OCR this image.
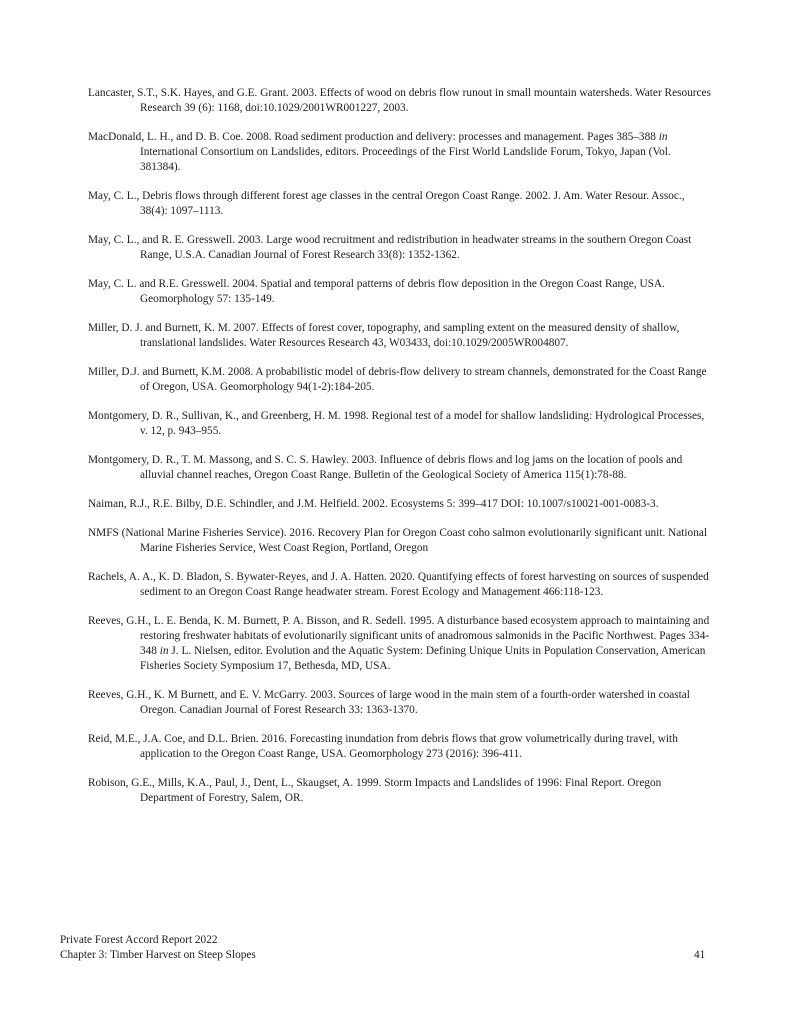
Lancaster, S.T., S.K. Hayes, and G.E. Grant. 2003. Effects of wood on debris flow runout in small mountain watersheds. Water Resources Research 39 (6): 1168, doi:10.1029/2001WR001227, 2003.

MacDonald, L. H., and D. B. Coe. 2008. Road sediment production and delivery: processes and management. Pages 385–388 in International Consortium on Landslides, editors. Proceedings of the First World Landslide Forum, Tokyo, Japan (Vol. 381384).

May, C. L., Debris flows through different forest age classes in the central Oregon Coast Range. 2002. J. Am. Water Resour. Assoc., 38(4): 1097–1113.

May, C. L., and R. E. Gresswell. 2003. Large wood recruitment and redistribution in headwater streams in the southern Oregon Coast Range, U.S.A. Canadian Journal of Forest Research 33(8): 1352-1362.

May, C. L. and R.E. Gresswell. 2004. Spatial and temporal patterns of debris flow deposition in the Oregon Coast Range, USA. Geomorphology 57: 135-149.

Miller, D. J. and Burnett, K. M. 2007. Effects of forest cover, topography, and sampling extent on the measured density of shallow, translational landslides. Water Resources Research 43, W03433, doi:10.1029/2005WR004807.

Miller, D.J. and Burnett, K.M. 2008. A probabilistic model of debris-flow delivery to stream channels, demonstrated for the Coast Range of Oregon, USA. Geomorphology 94(1-2):184-205.

Montgomery, D. R., Sullivan, K., and Greenberg, H. M. 1998. Regional test of a model for shallow landsliding: Hydrological Processes, v. 12, p. 943–955.

Montgomery, D. R., T. M. Massong, and S. C. S. Hawley. 2003. Influence of debris flows and log jams on the location of pools and alluvial channel reaches, Oregon Coast Range. Bulletin of the Geological Society of America 115(1):78-88.

Naiman, R.J., R.E. Bilby, D.E. Schindler, and J.M. Helfield. 2002. Ecosystems 5: 399–417 DOI: 10.1007/s10021-001-0083-3.

NMFS (National Marine Fisheries Service). 2016. Recovery Plan for Oregon Coast coho salmon evolutionarily significant unit. National Marine Fisheries Service, West Coast Region, Portland, Oregon

Rachels, A. A., K. D. Bladon, S. Bywater-Reyes, and J. A. Hatten. 2020. Quantifying effects of forest harvesting on sources of suspended sediment to an Oregon Coast Range headwater stream. Forest Ecology and Management 466:118-123.

Reeves, G.H., L. E. Benda, K. M. Burnett, P. A. Bisson, and R. Sedell. 1995. A disturbance based ecosystem approach to maintaining and restoring freshwater habitats of evolutionarily significant units of anadromous salmonids in the Pacific Northwest. Pages 334-348 in J. L. Nielsen, editor. Evolution and the Aquatic System: Defining Unique Units in Population Conservation, American Fisheries Society Symposium 17, Bethesda, MD, USA.

Reeves, G.H., K. M Burnett, and E. V. McGarry. 2003. Sources of large wood in the main stem of a fourth-order watershed in coastal Oregon. Canadian Journal of Forest Research 33: 1363-1370.

Reid, M.E., J.A. Coe, and D.L. Brien. 2016. Forecasting inundation from debris flows that grow volumetrically during travel, with application to the Oregon Coast Range, USA. Geomorphology 273 (2016): 396-411.

Robison, G.E., Mills, K.A., Paul, J., Dent, L., Skaugset, A. 1999. Storm Impacts and Landslides of 1996: Final Report. Oregon Department of Forestry, Salem, OR.

Private Forest Accord Report 2022
Chapter 3: Timber Harvest on Steep Slopes	41
